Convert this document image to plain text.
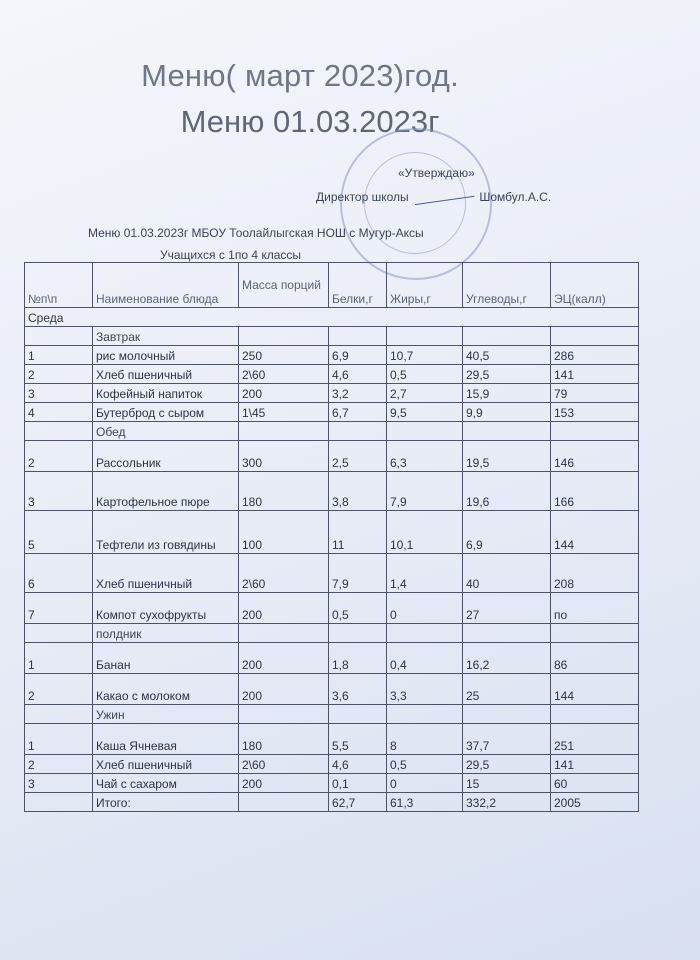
Меню( март 2023)год.
Меню 01.03.2023г
«Утверждаю»
Директор школы	Шомбул.А.С.
Меню 01.03.2023г МБОУ Тоолайлыгская НОШ с Мугур-Аксы
Учащихся с 1по 4 классы
№п\п	Наименование блюда	Масса порций	Белки,г	Жиры,г	Углеводы,г	ЭЦ(калл)
Среда						
	Завтрак					
1	рис молочный	250	6,9	10,7	40,5	286
2	Хлеб пшеничный	2\60	4,6	0,5	29,5	141
3	Кофейный напиток	200	3,2	2,7	15,9	79
4	Бутерброд с сыром	1\45	6,7	9,5	9,9	153
	Обед					
2	Рассольник	300	2,5	6,3	19,5	146
3	Картофельное пюре	180	3,8	7,9	19,6	166
5	Тефтели из говядины	100	11	10,1	6,9	144
6	Хлеб пшеничный	2\60	7,9	1,4	40	208
7	Компот сухофрукты	200	0,5	0	27	по
	полдник					
1	Банан	200	1,8	0,4	16,2	86
2	Какао с молоком	200	3,6	3,3	25	144
	Ужин					
1	Каша Ячневая	180	5,5	8	37,7	251
2	Хлеб пшеничный	2\60	4,6	0,5	29,5	141
3	Чай с сахаром	200	0,1	0	15	60
	Итого:		62,7	61,3	332,2	2005
